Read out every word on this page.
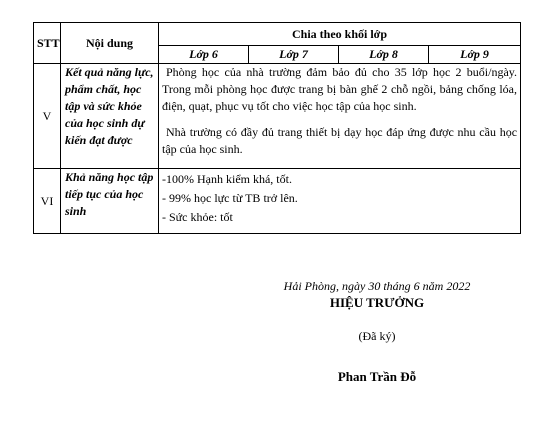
STT	Nội dung	Chia theo khối lớp			
		Lớp 6	Lớp 7	Lớp 8	Lớp 9
V	Kết quả năng lực, phẩm chất, học tập và sức khỏe của học sinh dự kiến đạt được	Phòng học của nhà trường đảm bảo đủ cho 35 lớp học 2 buổi/ngày. Trong mỗi phòng học được trang bị bàn ghế 2 chỗ ngồi, bảng chống lóa, điện, quạt, phục vụ tốt cho việc học tập của học sinh.

Nhà trường có đầy đủ trang thiết bị dạy học đáp ứng được nhu cầu học tập của học sinh.			

VI	Khả năng học tập tiếp tục của học sinh	-100% Hạnh kiểm khá, tốt.

- 99% học lực từ TB trở lên.

- Sức khỏe: tốt			

Hải Phòng, ngày 30 tháng 6 năm 2022
HIỆU TRƯỞNG
(Đã ký)
Phan Trần Đỗ
